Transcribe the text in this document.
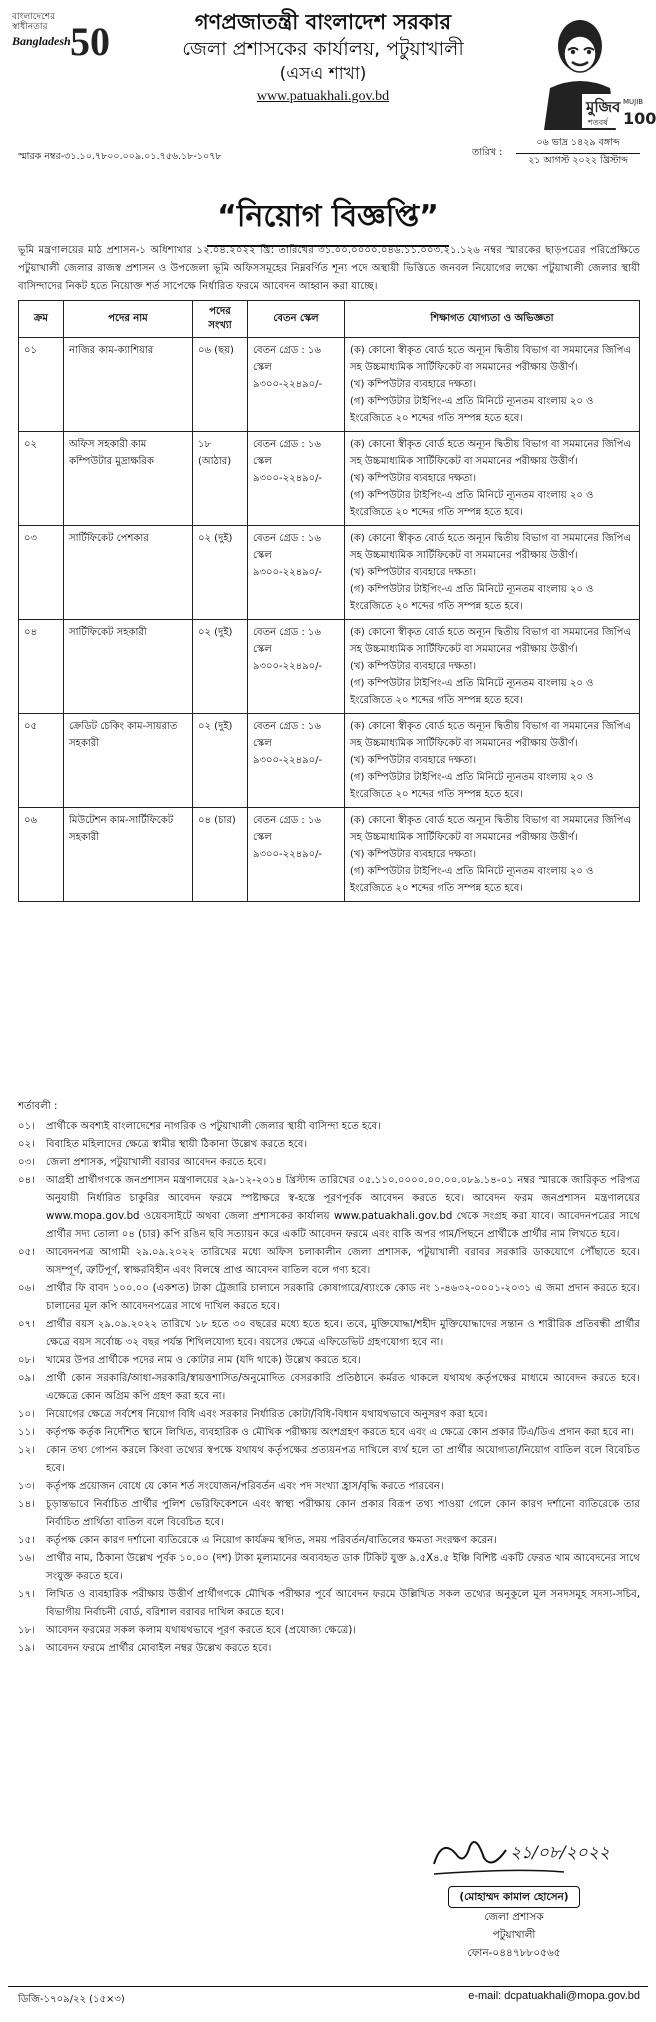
বাংলাদেশের
স্বাধীনতার
Bangladesh 50	গণপ্রজাতন্ত্রী বাংলাদেশ সরকার
জেলা প্রশাসকের কার্যালয়, পটুয়াখালী
(এসএ শাখা)
www.patuakhali.gov.bd
মুজিব MUJIB
100
শতবর্ষ
তারিখ :
০৬ ভাদ্র ১৪২৯ বঙ্গাব্দ
২১ আগস্ট ২০২২ খ্রিস্টাব্দ
স্মারক নম্বর-৩১.১০.৭৮০০.০০৯.০১.৭৫৬.১৮-১০৭৮
“নিয়োগ বিজ্ঞপ্তি”
ভূমি মন্ত্রণালয়ের মাঠ প্রশাসন-১ অধিশাখার ১২.০৪.২০২২ খ্রি: তারিখের ৩১.০০.০০০০.০৪৬.১১.০০৩.২১.১২৬ নম্বর স্মারকের ছাড়পত্রের পরিপ্রেক্ষিতে পটুয়াখালী জেলার রাজস্ব প্রশাসন ও উপজেলা ভূমি অফিসসমূহের নিম্নবর্ণিত শূন্য পদে অস্থায়ী ভিত্তিতে জনবল নিয়োগের লক্ষ্যে পটুয়াখালী জেলার স্থায়ী বাসিন্দাদের নিকট হতে নিয়োক্ত শর্ত সাপেক্ষে নির্ধারিত ফরমে আবেদন আহ্বান করা যাচ্ছে।
ক্রম	পদের নাম	পদের সংখ্যা	বেতন স্কেল	শিক্ষাগত যোগ্যতা ও অভিজ্ঞতা
০১	নাজির কাম-ক্যাশিয়ার	০৬ (ছয়)	বেতন গ্রেড : ১৬ স্কেল ৯৩০০-২২৪৯০/-	(ক) কোনো স্বীকৃত বোর্ড হতে অন্যূন দ্বিতীয় বিভাগ বা সমমানের জিপিএ সহ উচ্চমাধ্যমিক সার্টিফিকেট বা সমমানের পরীক্ষায় উত্তীর্ণ।
(খ) কম্পিউটার ব্যবহারে দক্ষতা।
(গ) কম্পিউটার টাইপিং-এ প্রতি মিনিটে ন্যূনতম বাংলায় ২০ ও ইংরেজিতে ২০ শব্দের গতি সম্পন্ন হতে হবে।

০২	অফিস সহকারী কাম কম্পিউটার মুদ্রাক্ষরিক	১৮ (আঠার)	বেতন গ্রেড : ১৬ স্কেল ৯৩০০-২২৪৯০/-	(ক) কোনো স্বীকৃত বোর্ড হতে অন্যূন দ্বিতীয় বিভাগ বা সমমানের জিপিএ সহ উচ্চমাধ্যমিক সার্টিফিকেট বা সমমানের পরীক্ষায় উত্তীর্ণ।
(খ) কম্পিউটার ব্যবহারে দক্ষতা।
(গ) কম্পিউটার টাইপিং-এ প্রতি মিনিটে ন্যূনতম বাংলায় ২০ ও ইংরেজিতে ২০ শব্দের গতি সম্পন্ন হতে হবে।

০৩	সার্টিফিকেট পেশকার	০২ (দুই)	বেতন গ্রেড : ১৬ স্কেল ৯৩০০-২২৪৯০/-	(ক) কোনো স্বীকৃত বোর্ড হতে অন্যূন দ্বিতীয় বিভাগ বা সমমানের জিপিএ সহ উচ্চমাধ্যমিক সার্টিফিকেট বা সমমানের পরীক্ষায় উত্তীর্ণ।
(খ) কম্পিউটার ব্যবহারে দক্ষতা।
(গ) কম্পিউটার টাইপিং-এ প্রতি মিনিটে ন্যূনতম বাংলায় ২০ ও ইংরেজিতে ২০ শব্দের গতি সম্পন্ন হতে হবে।

০৪	সার্টিফিকেট সহকারী	০২ (দুই)	বেতন গ্রেড : ১৬ স্কেল ৯৩০০-২২৪৯০/-	(ক) কোনো স্বীকৃত বোর্ড হতে অন্যূন দ্বিতীয় বিভাগ বা সমমানের জিপিএ সহ উচ্চমাধ্যমিক সার্টিফিকেট বা সমমানের পরীক্ষায় উত্তীর্ণ।
(খ) কম্পিউটার ব্যবহারে দক্ষতা।
(গ) কম্পিউটার টাইপিং-এ প্রতি মিনিটে ন্যূনতম বাংলায় ২০ ও ইংরেজিতে ২০ শব্দের গতি সম্পন্ন হতে হবে।

০৫	ক্রেডিট চেকিং কাম-সায়রাত সহকারী	০২ (দুই)	বেতন গ্রেড : ১৬ স্কেল ৯৩০০-২২৪৯০/-	(ক) কোনো স্বীকৃত বোর্ড হতে অন্যূন দ্বিতীয় বিভাগ বা সমমানের জিপিএ সহ উচ্চমাধ্যমিক সার্টিফিকেট বা সমমানের পরীক্ষায় উত্তীর্ণ।
(খ) কম্পিউটার ব্যবহারে দক্ষতা।
(গ) কম্পিউটার টাইপিং-এ প্রতি মিনিটে ন্যূনতম বাংলায় ২০ ও ইংরেজিতে ২০ শব্দের গতি সম্পন্ন হতে হবে।

০৬	মিউটেশন কাম-সার্টিফিকেট সহকারী	০৪ (চার)	বেতন গ্রেড : ১৬ স্কেল ৯৩০০-২২৪৯০/-	(ক) কোনো স্বীকৃত বোর্ড হতে অন্যূন দ্বিতীয় বিভাগ বা সমমানের জিপিএ সহ উচ্চমাধ্যমিক সার্টিফিকেট বা সমমানের পরীক্ষায় উত্তীর্ণ।
(খ) কম্পিউটার ব্যবহারে দক্ষতা।
(গ) কম্পিউটার টাইপিং-এ প্রতি মিনিটে ন্যূনতম বাংলায় ২০ ও ইংরেজিতে ২০ শব্দের গতি সম্পন্ন হতে হবে।
শর্তাবলী :
০১।	প্রার্থীকে অবশ্যই বাংলাদেশের নাগরিক ও পটুয়াখালী জেলার স্থায়ী বাসিন্দা হতে হবে।
০২।	বিবাহিত মহিলাদের ক্ষেত্রে স্বামীর স্থায়ী ঠিকানা উল্লেখ করতে হবে।
০৩।	জেলা প্রশাসক, পটুয়াখালী বরাবর আবেদন করতে হবে।
০৪।	আগ্রহী প্রার্থীগণকে জনপ্রশাসন মন্ত্রণালয়ের ২৯-১২-২০১৪ খ্রিস্টাব্দ তারিখের ০৫.১১০.০০০০.০০.০০.০৮৯.১৪-০১ নম্বর স্মারকে জারিকৃত পরিপত্র অনুযায়ী নির্ধারিত চাকুরির আবেদন ফরমে স্পষ্টাক্ষরে স্ব-হস্তে পূরণপূর্বক আবেদন করতে হবে। আবেদন ফরম জনপ্রশাসন মন্ত্রণালয়ের www.mopa.gov.bd ওয়েবসাইটে অথবা জেলা প্রশাসকের কার্যালয় www.patuakhali.gov.bd থেকে সংগ্রহ করা যাবে। আবেদনপত্রের সাথে প্রার্থীর সদ্য তোলা ০৪ (চার) কপি রঙিন ছবি সত্যায়ন করে একটি আবেদন ফরমে এবং বাকি অপর গাম/পিছনে প্রার্থীকে প্রার্থীর নাম লিখতে হবে।
০৫।	আবেদনপত্র আগামী ২৯.০৯.২০২২ তারিখের মধ্যে অফিস চলাকালীন জেলা প্রশাসক, পটুয়াখালী বরাবর সরকারি ডাকযোগে পৌঁছাতে হবে। অসম্পূর্ণ, ত্রুটিপূর্ণ, স্বাক্ষরবিহীন এবং বিলম্বে প্রাপ্ত আবেদন বাতিল বলে গণ্য হবে।
০৬।	প্রার্থীর ফি বাবদ ১০০.০০ (একশত) টাকা ট্রেজারি চালানে সরকারি কোষাগারে/ব্যাংকে কোড নং ১-৪৬৩২-০০০১-২০৩১ এ জমা প্রদান করতে হবে। চালানের মূল কপি আবেদনপত্রের সাথে দাখিল করতে হবে।
০৭।	প্রার্থীর বয়স ২৯.০৯.২০২২ তারিখে ১৮ হতে ৩০ বছরের মধ্যে হতে হবে। তবে, মুক্তিযোদ্ধা/শহীদ মুক্তিযোদ্ধাদের সন্তান ও শারীরিক প্রতিবন্ধী প্রার্থীর ক্ষেত্রে বয়স সর্বোচ্চ ৩২ বছর পর্যন্ত শিথিলযোগ্য হবে। বয়সের ক্ষেত্রে এফিডেভিট গ্রহণযোগ্য হবে না।
০৮।	খামের উপর প্রার্থীকে পদের নাম ও কোটার নাম (যদি থাকে) উল্লেখ করতে হবে।
০৯।	প্রার্থী কোন সরকারি/আধা-সরকারি/স্বায়ত্তশাসিত/অনুমোদিত বেসরকারি প্রতিষ্ঠানে কর্মরত থাকলে যথাযথ কর্তৃপক্ষের মাধ্যমে আবেদন করতে হবে। এক্ষেত্রে কোন অগ্রিম কপি গ্রহণ করা হবে না।
১০।	নিয়োগের ক্ষেত্রে সর্বশেষ নিয়োগ বিধি এবং সরকার নির্ধারিত কোটা/বিধি-বিধান যথাযথভাবে অনুসরণ করা হবে।
১১।	কর্তৃপক্ষ কর্তৃক নির্দেশিত স্থানে লিখিত, ব্যবহারিক ও মৌখিক পরীক্ষায় অংশগ্রহণ করতে হবে এবং এ ক্ষেত্রে কোন প্রকার টিএ/ডিএ প্রদান করা হবে না।
১২।	কোন তথ্য গোপন করলে কিংবা তথ্যের স্বপক্ষে যথাযথ কর্তৃপক্ষের প্রত্যয়নপত্র দাখিলে ব্যর্থ হলে তা প্রার্থীর অযোগ্যতা/নিয়োগ বাতিল বলে বিবেচিত হবে।
১৩।	কর্তৃপক্ষ প্রয়োজন বোধে যে কোন শর্ত সংযোজন/পরিবর্তন এবং পদ সংখ্যা হ্রাস/বৃদ্ধি করতে পারবেন।
১৪।	চূড়ান্তভাবে নির্বাচিত প্রার্থীর পুলিশ ভেরিফিকেশনে এবং স্বাস্থ্য পরীক্ষায় কোন প্রকার বিরূপ তথ্য পাওয়া গেলে কোন কারণ দর্শানো ব্যতিরেকে তার নির্বাচিত প্রার্থিতা বাতিল বলে বিবেচিত হবে।
১৫।	কর্তৃপক্ষ কোন কারণ দর্শানো ব্যতিরেকে এ নিয়োগ কার্যক্রম স্থগিত, সময় পরিবর্তন/বাতিলের ক্ষমতা সংরক্ষণ করেন।
১৬।	প্রার্থীর নাম, ঠিকানা উল্লেখ পূর্বক ১০.০০ (দশ) টাকা মূল্যমানের অব্যবহৃত ডাক টিকিট যুক্ত ৯.৫X৪.৫ ইঞ্চি বিশিষ্ট একটি ফেরত খাম আবেদনের সাথে সংযুক্ত করতে হবে।
১৭।	লিখিত ও ব্যবহারিক পরীক্ষায় উত্তীর্ণ প্রার্থীগণকে মৌখিক পরীক্ষার পূর্বে আবেদন ফরমে উল্লিখিত সকল তথ্যের অনুকূলে মূল সনদসমূহ সদস্য-সচিব, বিভাগীয় নির্বাচনী বোর্ড, বরিশাল বরাবর দাখিল করতে হবে।
১৮।	আবেদন ফরমের সকল কলাম যথাযথভাবে পূরণ করতে হবে (প্রযোজ্য ক্ষেত্রে)।
১৯।	আবেদন ফরমে প্রার্থীর মোবাইল নম্বর উল্লেখ করতে হবে।
২১/০৮/২০২২
(মোহাম্মদ কামাল হোসেন)
জেলা প্রশাসক
পটুয়াখালী
ফোন-০৪৪৭৮৮০৫৬৫
ডিজি-১৭০৯/২২ (১৫×৩)	e-mail: dcpatuakhali@mopa.gov.bd
